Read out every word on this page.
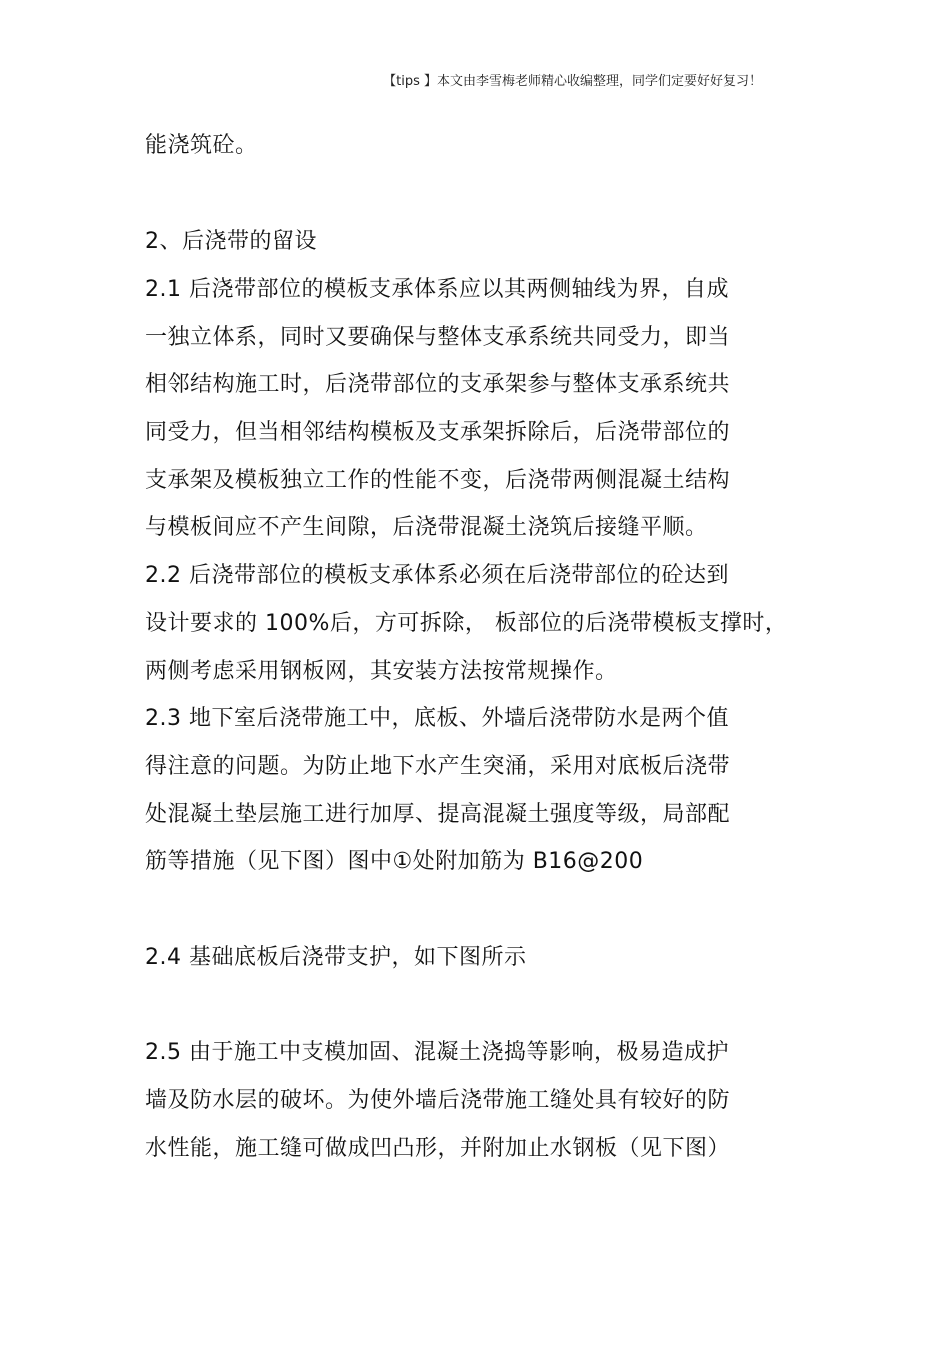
【tips 】本文由李雪梅老师精心收编整理，同学们定要好好复习！
能浇筑砼。
2、后浇带的留设
2.1 后浇带部位的模板支承体系应以其两侧轴线为界，自成
一独立体系，同时又要确保与整体支承系统共同受力，即当
相邻结构施工时，后浇带部位的支承架参与整体支承系统共
同受力，但当相邻结构模板及支承架拆除后，后浇带部位的
支承架及模板独立工作的性能不变，后浇带两侧混凝土结构
与模板间应不产生间隙，后浇带混凝土浇筑后接缝平顺。
2.2 后浇带部位的模板支承体系必须在后浇带部位的砼达到
设计要求的 100%后，方可拆除， 板部位的后浇带模板支撑时，
两侧考虑采用钢板网，其安装方法按常规操作。
2.3 地下室后浇带施工中，底板、外墙后浇带防水是两个值
得注意的问题。为防止地下水产生突涌，采用对底板后浇带
处混凝土垫层施工进行加厚、提高混凝土强度等级，局部配
筋等措施（见下图）图中①处附加筋为 B16@200
2.4 基础底板后浇带支护，如下图所示
2.5 由于施工中支模加固、混凝土浇捣等影响，极易造成护
墙及防水层的破坏。为使外墙后浇带施工缝处具有较好的防
水性能，施工缝可做成凹凸形，并附加止水钢板（见下图）
